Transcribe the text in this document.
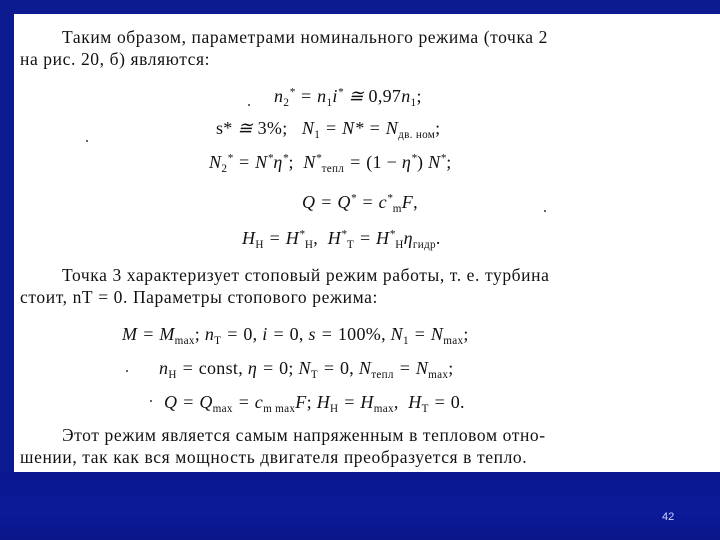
Таким образом, параметрами номинального режима (точка 2
на рис. 20, б) являются:
$n_2^* = n_1i^*$ ≅ $0,97n_1$;
s* ≅ 3%;   $N_1 = N* = N_{дв. ном}$;
$N_2^* = N^*\eta^*$;  $N^*_{тепл} = (1 - \eta^*)$ N*;
$Q = Q^* = c^*_mF$,
$H_Н = H^*_Н$,  $H^*_Т = H^*_Н\eta_{гидр}$.
Точка 3 характеризует стоповый режим работы, т. е. турбина
стоит, nТ = 0. Параметры стопового режима:
$M = M_{max}$; $n_Т = 0$, i = 0, s = 100%, $N_1 = N_{max}$;
$n_Н$ = const, η = 0; $N_Т = 0$, $N_{тепл} = N_{max}$;
$Q = Q_{max} = c_{m max}F$; $H_Н = H_{max}$,  $H_Т = 0$.
Этот режим является самым напряженным в тепловом отно-
шении, так как вся мощность двигателя преобразуется в тепло.
42
